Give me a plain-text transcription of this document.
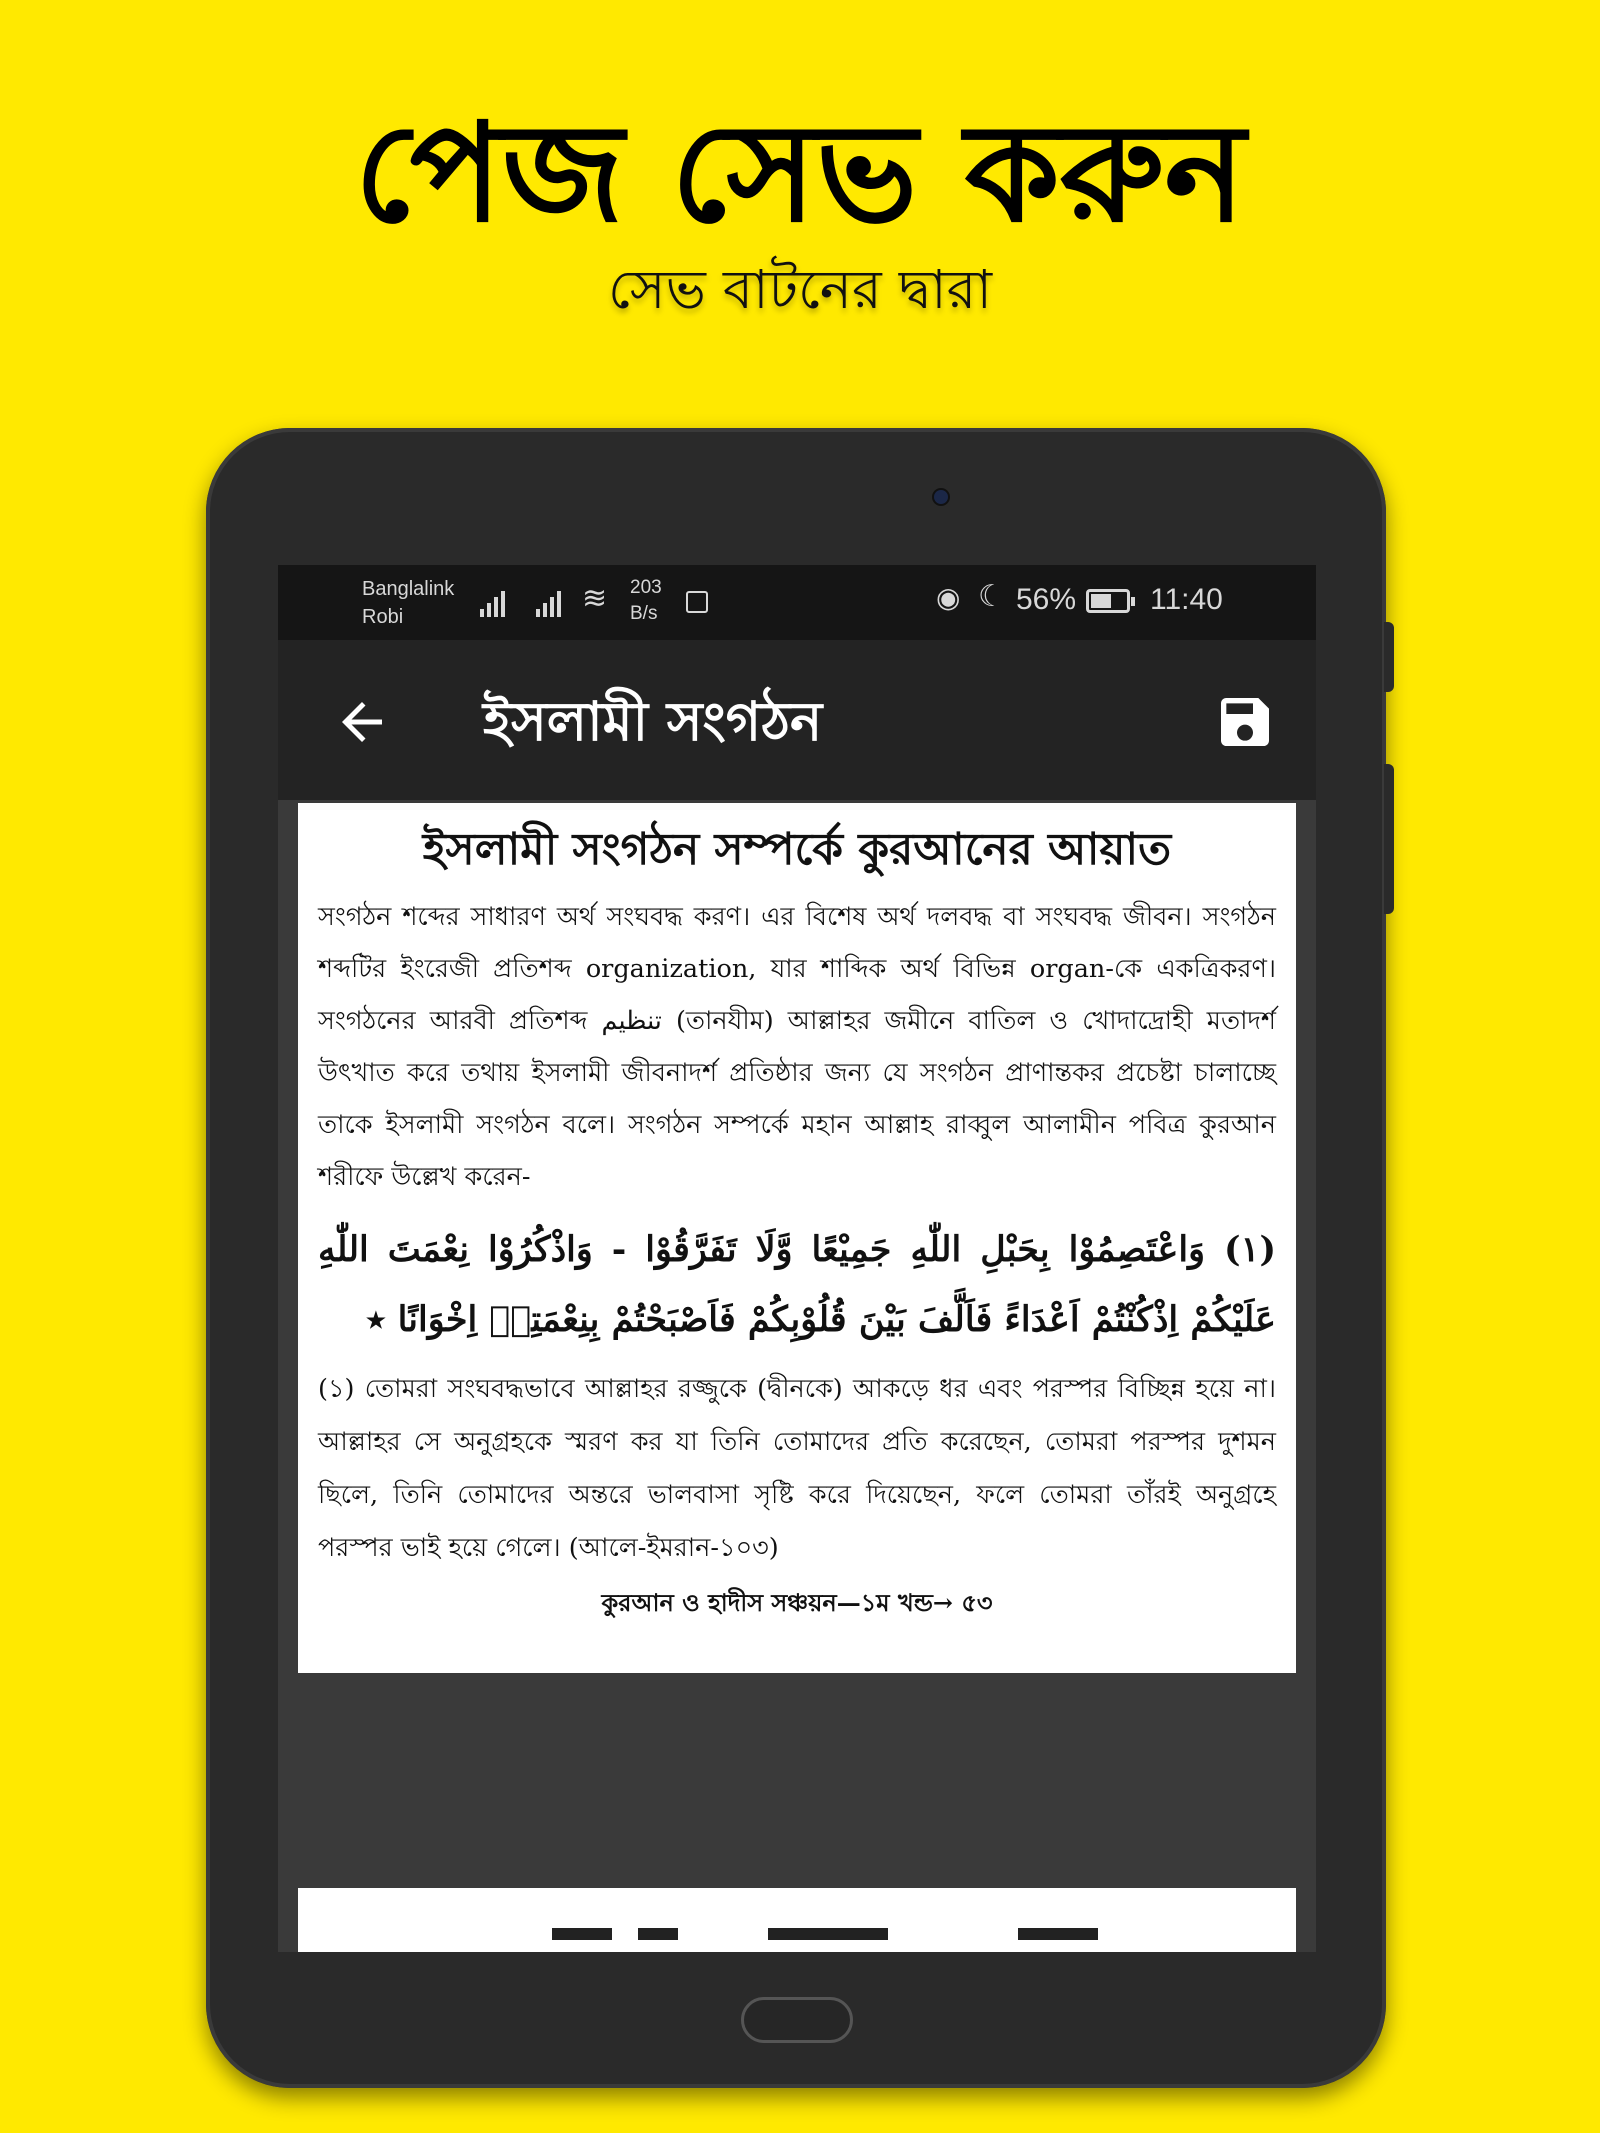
পেজ সেভ করুন
সেভ বাটনের দ্বারা
Banglalink
Robi
≋ 203
B/s
◉ ☾ 56% 11:40
ইসলামী সংগঠন
ইসলামী সংগঠন সম্পর্কে কুরআনের আয়াত

সংগঠন শব্দের সাধারণ অর্থ সংঘবদ্ধ করণ। এর বিশেষ অর্থ দলবদ্ধ বা সংঘবদ্ধ জীবন। সংগঠন শব্দটির ইংরেজী প্রতিশব্দ organization, যার শাব্দিক অর্থ বিভিন্ন organ-কে একত্রিকরণ। সংগঠনের আরবী প্রতিশব্দ تنظيم (তানযীম) আল্লাহর জমীনে বাতিল ও খোদাদ্রোহী মতাদর্শ উৎখাত করে তথায় ইসলামী জীবনাদর্শ প্রতিষ্ঠার জন্য যে সংগঠন প্রাণান্তকর প্রচেষ্টা চালাচ্ছে তাকে ইসলামী সংগঠন বলে। সংগঠন সম্পর্কে মহান আল্লাহ রাব্বুল আলামীন পবিত্র কুরআন শরীফে উল্লেখ করেন-

(١) وَاعْتَصِمُوْا بِحَبْلِ اللّٰهِ جَمِيْعًا وَّلَا تَفَرَّقُوْا - وَاذْكُرُوْا نِعْمَتَ اللّٰهِ عَلَيْكُمْ اِذْكُنْتُمْ اَعْدَاءً فَاَلَّفَ بَيْنَ قُلُوْبِكُمْ فَاَصْبَحْتُمْ بِنِعْمَتِهٖ اِخْوَانًا ٭

(১) তোমরা সংঘবদ্ধভাবে আল্লাহর রজ্জুকে (দ্বীনকে) আকড়ে ধর এবং পরস্পর বিচ্ছিন্ন হয়ে না। আল্লাহর সে অনুগ্রহকে স্মরণ কর যা তিনি তোমাদের প্রতি করেছেন, তোমরা পরস্পর দুশমন ছিলে, তিনি তোমাদের অন্তরে ভালবাসা সৃষ্টি করে দিয়েছেন, ফলে তোমরা তাঁরই অনুগ্রহে পরস্পর ভাই হয়ে গেলে। (আলে-ইমরান-১০৩)

কুরআন ও হাদীস সঞ্চয়ন—১ম খন্ড→ ৫৩
